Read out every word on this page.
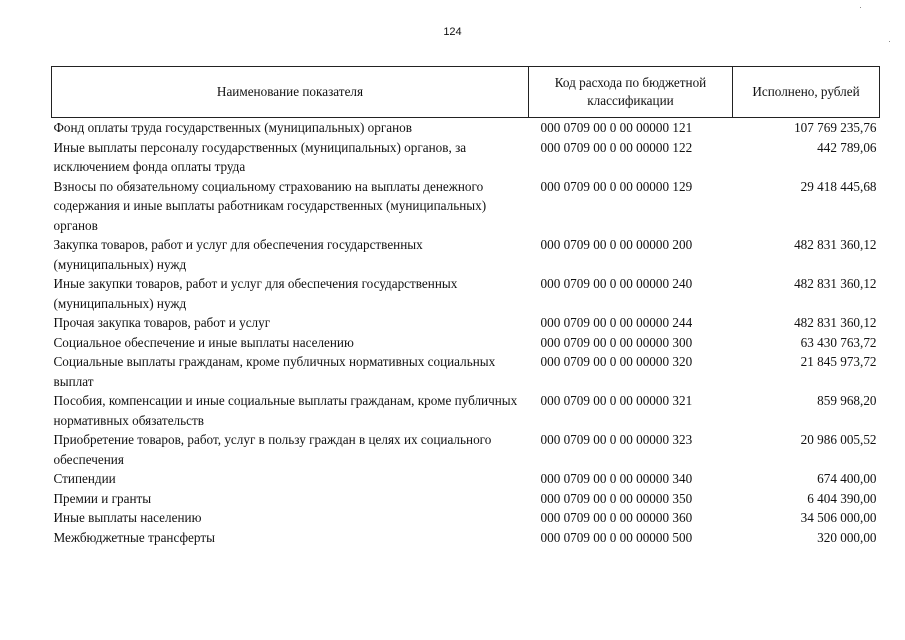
124
·
·
Наименование показателя	Код расхода по бюджетной классификации	Исполнено, рублей
Фонд оплаты труда государственных (муниципальных) органов	000 0709 00 0 00 00000 121	107 769 235,76
Иные выплаты персоналу государственных (муниципальных) органов, за исключением фонда оплаты труда	000 0709 00 0 00 00000 122	442 789,06
Взносы по обязательному социальному страхованию на выплаты денежного содержания и иные выплаты работникам государственных (муниципальных) органов	000 0709 00 0 00 00000 129	29 418 445,68
Закупка товаров, работ и услуг для обеспечения государственных (муниципальных) нужд	000 0709 00 0 00 00000 200	482 831 360,12
Иные закупки товаров, работ и услуг для обеспечения государственных (муниципальных) нужд	000 0709 00 0 00 00000 240	482 831 360,12
Прочая закупка товаров, работ и услуг	000 0709 00 0 00 00000 244	482 831 360,12
Социальное обеспечение и иные выплаты населению	000 0709 00 0 00 00000 300	63 430 763,72
Социальные выплаты гражданам, кроме публичных нормативных социальных выплат	000 0709 00 0 00 00000 320	21 845 973,72
Пособия, компенсации и иные социальные выплаты гражданам, кроме публичных нормативных обязательств	000 0709 00 0 00 00000 321	859 968,20
Приобретение товаров, работ, услуг в пользу граждан в целях их социального обеспечения	000 0709 00 0 00 00000 323	20 986 005,52
Стипендии	000 0709 00 0 00 00000 340	674 400,00
Премии и гранты	000 0709 00 0 00 00000 350	6 404 390,00
Иные выплаты населению	000 0709 00 0 00 00000 360	34 506 000,00
Межбюджетные трансферты	000 0709 00 0 00 00000 500	320 000,00
